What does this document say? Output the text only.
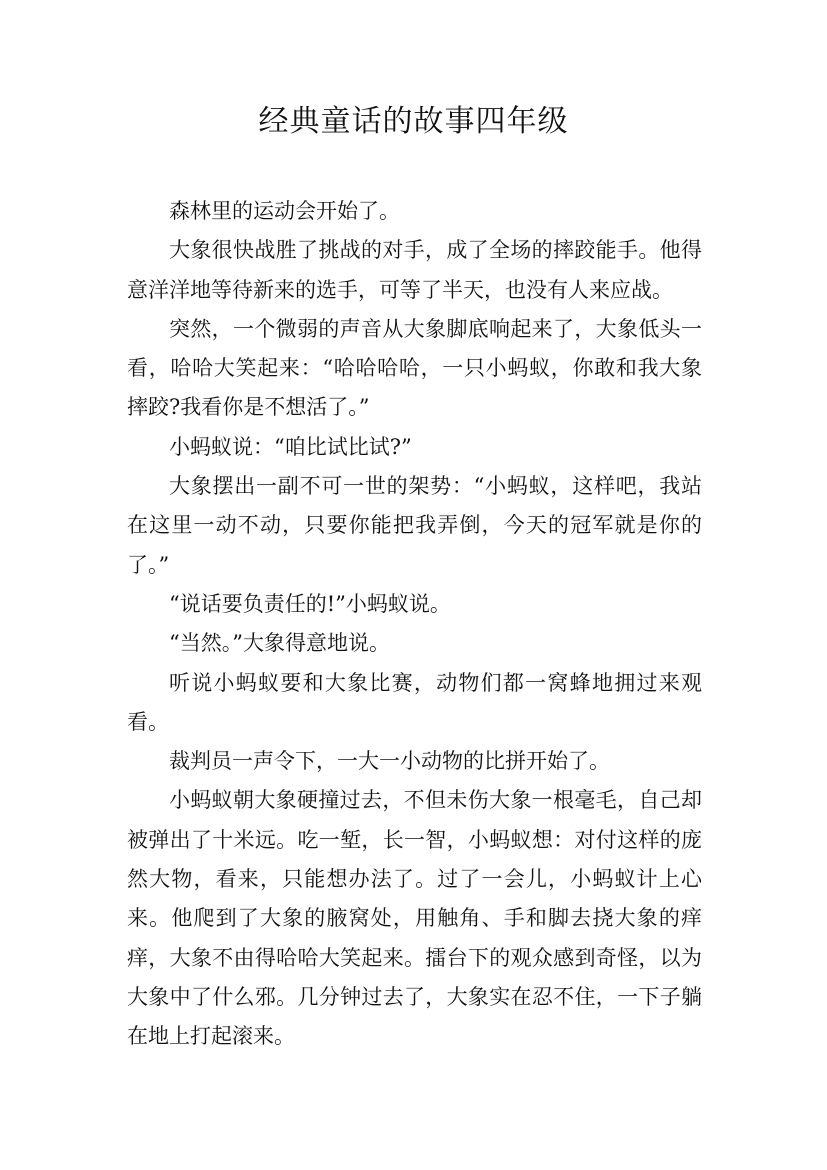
经典童话的故事四年级

森林里的运动会开始了。

大象很快战胜了挑战的对手，成了全场的摔跤能手。他得意洋洋地等待新来的选手，可等了半天，也没有人来应战。

突然，一个微弱的声音从大象脚底响起来了，大象低头一看，哈哈大笑起来：“哈哈哈哈，一只小蚂蚁，你敢和我大象摔跤?我看你是不想活了。”

小蚂蚁说：“咱比试比试?”

大象摆出一副不可一世的架势：“小蚂蚁，这样吧，我站在这里一动不动，只要你能把我弄倒，今天的冠军就是你的了。”

“说话要负责任的!”小蚂蚁说。

“当然。”大象得意地说。

听说小蚂蚁要和大象比赛，动物们都一窝蜂地拥过来观看。

裁判员一声令下，一大一小动物的比拼开始了。

小蚂蚁朝大象硬撞过去，不但未伤大象一根毫毛，自己却被弹出了十米远。吃一堑，长一智，小蚂蚁想：对付这样的庞然大物，看来，只能想办法了。过了一会儿，小蚂蚁计上心来。他爬到了大象的腋窝处，用触角、手和脚去挠大象的痒痒，大象不由得哈哈大笑起来。擂台下的观众感到奇怪，以为大象中了什么邪。几分钟过去了，大象实在忍不住，一下子躺在地上打起滚来。
